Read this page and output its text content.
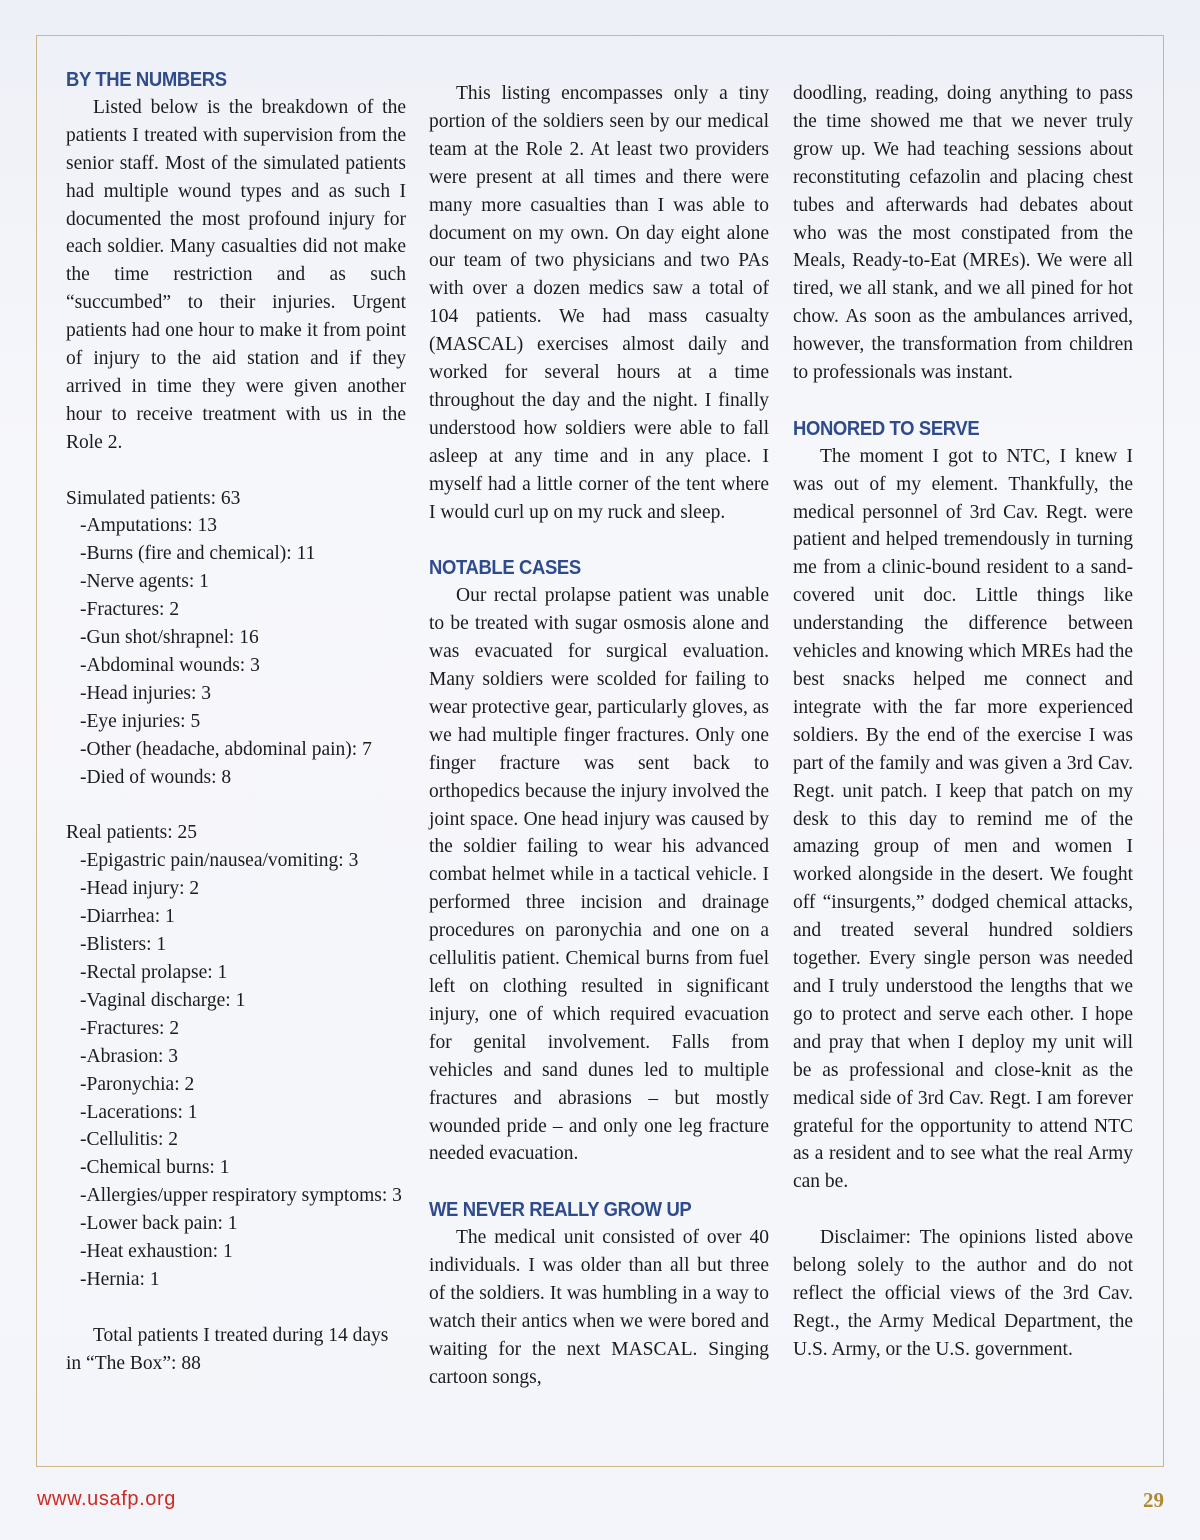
BY THE NUMBERS

Listed below is the breakdown of the patients I treated with supervision from the senior staff. Most of the simulated patients had multiple wound types and as such I documented the most profound injury for each soldier. Many casualties did not make the time restriction and as such “succumbed” to their injuries. Urgent patients had one hour to make it from point of injury to the aid station and if they arrived in time they were given another hour to receive treatment with us in the Role 2.

Simulated patients: 63

-Amputations: 13
-Burns (fire and chemical): 11
-Nerve agents: 1
-Fractures: 2
-Gun shot/shrapnel: 16
-Abdominal wounds: 3
-Head injuries: 3
-Eye injuries: 5
-Other (headache, abdominal pain): 7
-Died of wounds: 8

Real patients: 25

-Epigastric pain/nausea/vomiting: 3
-Head injury: 2
-Diarrhea: 1
-Blisters: 1
-Rectal prolapse: 1
-Vaginal discharge: 1
-Fractures: 2
-Abrasion: 3
-Paronychia: 2
-Lacerations: 1
-Cellulitis: 2
-Chemical burns: 1
-Allergies/upper respiratory symptoms: 3
-Lower back pain: 1
-Heat exhaustion: 1
-Hernia: 1

Total patients I treated during 14 days in “The Box”: 88

This listing encompasses only a tiny portion of the soldiers seen by our medical team at the Role 2. At least two providers were present at all times and there were many more casualties than I was able to document on my own. On day eight alone our team of two physicians and two PAs with over a dozen medics saw a total of 104 patients. We had mass casualty (MASCAL) exercises almost daily and worked for several hours at a time throughout the day and the night. I finally understood how soldiers were able to fall asleep at any time and in any place. I myself had a little corner of the tent where I would curl up on my ruck and sleep.

NOTABLE CASES

Our rectal prolapse patient was unable to be treated with sugar osmosis alone and was evacuated for surgical evaluation. Many soldiers were scolded for failing to wear protective gear, particularly gloves, as we had multiple finger fractures. Only one finger fracture was sent back to orthopedics because the injury involved the joint space. One head injury was caused by the soldier failing to wear his advanced combat helmet while in a tactical vehicle. I performed three incision and drainage procedures on paronychia and one on a cellulitis patient. Chemical burns from fuel left on clothing resulted in significant injury, one of which required evacuation for genital involvement. Falls from vehicles and sand dunes led to multiple fractures and abrasions – but mostly wounded pride – and only one leg fracture needed evacuation.

WE NEVER REALLY GROW UP

The medical unit consisted of over 40 individuals. I was older than all but three of the soldiers. It was humbling in a way to watch their antics when we were bored and waiting for the next MASCAL. Singing cartoon songs,

doodling, reading, doing anything to pass the time showed me that we never truly grow up. We had teaching sessions about reconstituting cefazolin and placing chest tubes and afterwards had debates about who was the most constipated from the Meals, Ready-to-Eat (MREs). We were all tired, we all stank, and we all pined for hot chow. As soon as the ambulances arrived, however, the transformation from children to professionals was instant.

HONORED TO SERVE

The moment I got to NTC, I knew I was out of my element. Thankfully, the medical personnel of 3rd Cav. Regt. were patient and helped tremendously in turning me from a clinic-bound resident to a sand-covered unit doc. Little things like understanding the difference between vehicles and knowing which MREs had the best snacks helped me connect and integrate with the far more experienced soldiers. By the end of the exercise I was part of the family and was given a 3rd Cav. Regt. unit patch. I keep that patch on my desk to this day to remind me of the amazing group of men and women I worked alongside in the desert. We fought off “insurgents,” dodged chemical attacks, and treated several hundred soldiers together. Every single person was needed and I truly understood the lengths that we go to protect and serve each other. I hope and pray that when I deploy my unit will be as professional and close-knit as the medical side of 3rd Cav. Regt. I am forever grateful for the opportunity to attend NTC as a resident and to see what the real Army can be.

Disclaimer: The opinions listed above belong solely to the author and do not reflect the official views of the 3rd Cav. Regt., the Army Medical Department, the U.S. Army, or the U.S. government.

www.usafp.org	29
